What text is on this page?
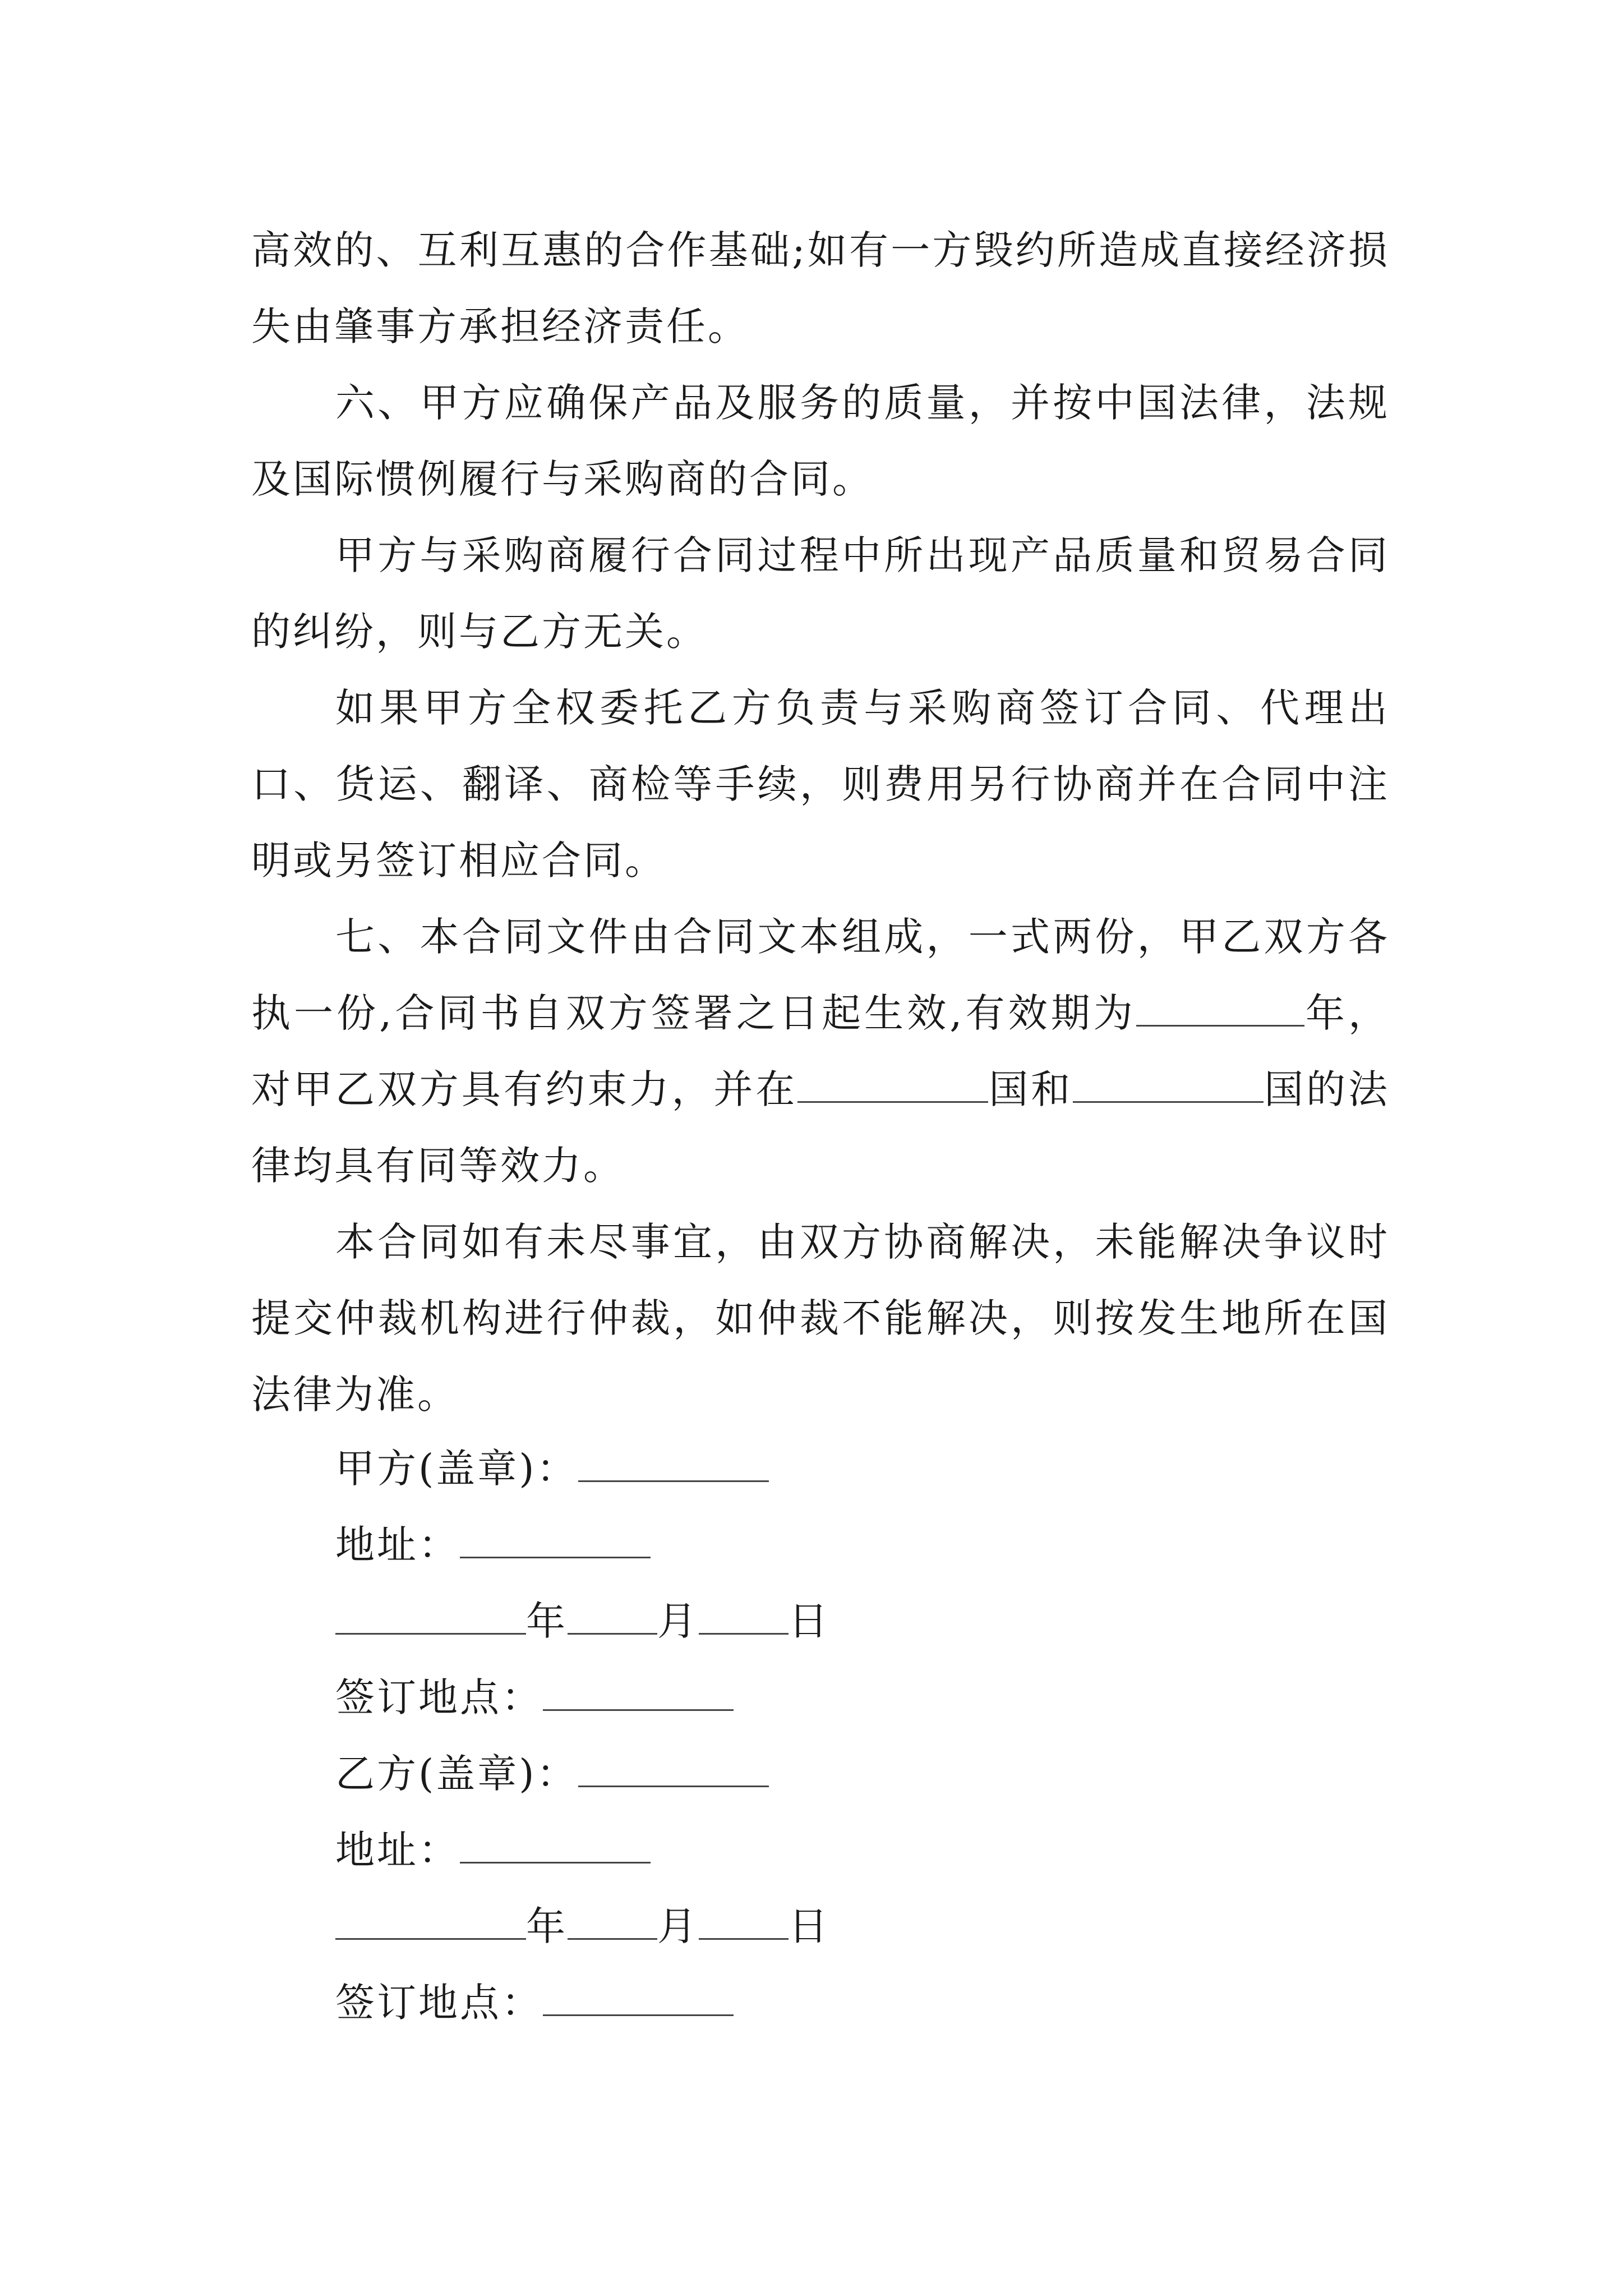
高效的、互利互惠的合作基础;如有一方毁约所造成直接经济损失由肇事方承担经济责任。

六、甲方应确保产品及服务的质量，并按中国法律，法规及国际惯例履行与采购商的合同。

甲方与采购商履行合同过程中所出现产品质量和贸易合同的纠纷，则与乙方无关。

如果甲方全权委托乙方负责与采购商签订合同、代理出口、货运、翻译、商检等手续，则费用另行协商并在合同中注明或另签订相应合同。

七、本合同文件由合同文本组成，一式两份，甲乙双方各执一份,合同书自双方签署之日起生效,有效期为	年，对甲乙双方具有约束力，并在	国和	国的法律均具有同等效力。

本合同如有未尽事宜，由双方协商解决，未能解决争议时提交仲裁机构进行仲裁，如仲裁不能解决，则按发生地所在国法律为准。

甲方(盖章)：

地址：

年 月 日

签订地点：

乙方(盖章)：

地址：

年 月 日

签订地点：
